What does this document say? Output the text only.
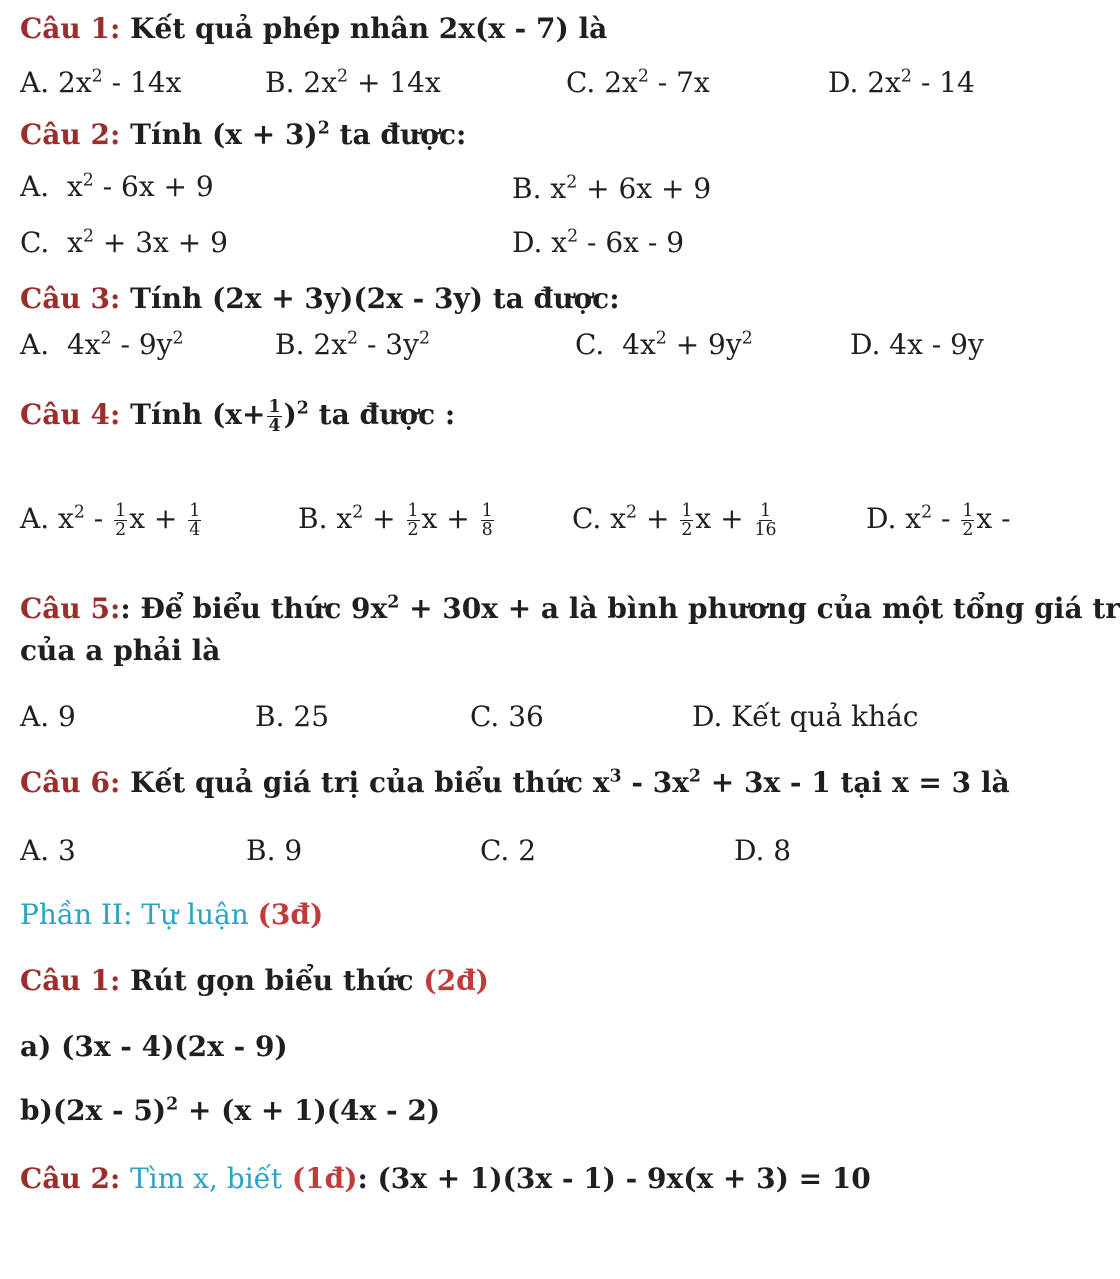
Câu 1: Kết quả phép nhân 2x(x - 7) là
A. $2x^2 - 14x$	B. $2x^2 + 14x$	C. $2x^2 - 7x$	D. $2x^2 - 14$
Câu 2: Tính $(x + 3)^2$ ta được:
A. $x^2 - 6x + 9$	B. $x^2 + 6x + 9$
C. $x^2 + 3x + 9$	D. $x^2 - 6x - 9$
Câu 3: Tính (2x + 3y)(2x - 3y) ta được:
A. $4x^2 - 9y^2$	B. $2x^2 - 3y^2$	C. $4x^2 + 9y^2$	D. 4x - 9y
Câu 4: Tính $(x+ \frac{1}{4} )^2$ ta được :
A. $x^2 - \frac{1}{2}$ $x + \frac{1}{4}$	B. $x^2 + \frac{1}{2}$ $x + \frac{1}{8}$	C. $x^2 + \frac{1}{2}$ $x + \frac{1}{16}$	D. $x^2 - \frac{1}{2}$ x -
Câu 5:: Để biểu thức $9x^2 + 30x + a$ là bình phương của một tổng giá tr
của a phải là
A. 9	B. 25	C. 36	D. Kết quả khác
Câu 6: Kết quả giá trị của biểu thức $x^3 - 3x^2 + 3x - 1$ tại x = 3 là
A. 3	B. 9	C. 2	D. 8
Phần II: Tự luận (3đ)
Câu 1: Rút gọn biểu thức (2đ)
a) (3x - 4)(2x - 9)
b)(2x - 5)$^2$ + (x + 1)(4x - 2)
Câu 2: Tìm x, biết (1đ): (3x + 1)(3x - 1) - 9x(x + 3) = 10
